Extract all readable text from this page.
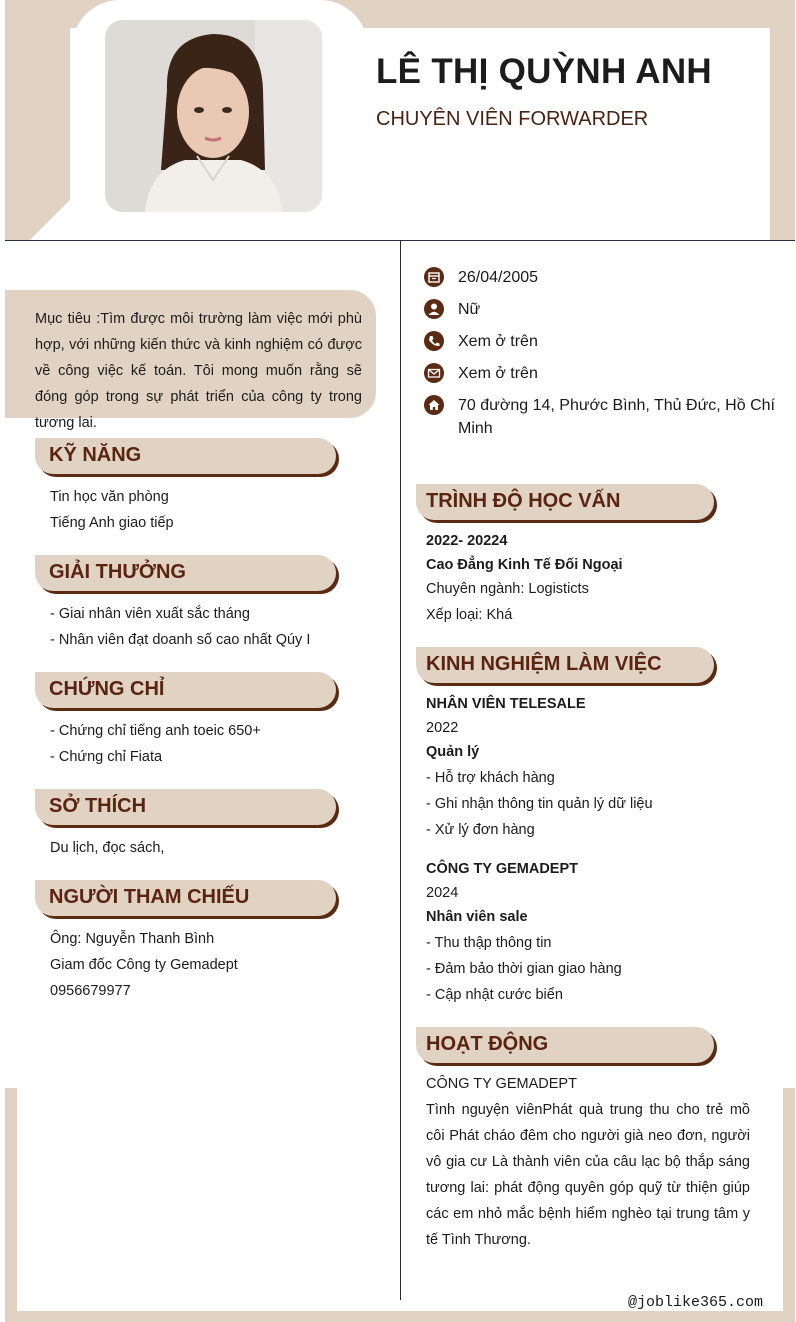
LÊ THỊ QUỲNH ANH
CHUYÊN VIÊN FORWARDER
26/04/2005
Nữ
Xem ở trên
Xem ở trên
70 đường 14, Phước Bình, Thủ Đức, Hồ Chí Minh
Mục tiêu :Tìm được môi trường làm việc mới phù hợp, với những kiến thức và kinh nghiệm có được về công việc kế toán. Tôi mong muốn rằng sẽ đóng góp trong sự phát triển của công ty trong tương lai.
KỸ NĂNG
Tin học văn phòng
Tiếng Anh giao tiếp
GIẢI THƯỞNG
- Giai nhân viên xuất sắc tháng
- Nhân viên đạt doanh số cao nhất Qúy I
CHỨNG CHỈ
- Chứng chỉ tiếng anh toeic 650+
- Chứng chỉ Fiata
SỞ THÍCH
Du lịch, đọc sách,
NGƯỜI THAM CHIẾU
Ông: Nguyễn Thanh Bình
Giam đốc Công ty Gemadept
0956679977
TRÌNH ĐỘ HỌC VẤN
2022- 20224
Cao Đẳng Kinh Tế Đối Ngoại
Chuyên ngành: Logisticts
Xếp loại: Khá
KINH NGHIỆM LÀM VIỆC
NHÂN VIÊN TELESALE
2022
Quản lý
- Hỗ trợ khách hàng
- Ghi nhận thông tin quản lý dữ liệu
- Xử lý đơn hàng
CÔNG TY GEMADEPT
2024
Nhân viên sale
- Thu thập thông tin
- Đảm bảo thời gian giao hàng
- Cập nhật cước biển
HOẠT ĐỘNG
CÔNG TY GEMADEPT
Tình nguyện viênPhát quà trung thu cho trẻ mồ côi Phát cháo đêm cho người già neo đơn, người vô gia cư Là thành viên của câu lạc bộ thắp sáng tương lai: phát động quyên góp quỹ từ thiện giúp các em nhỏ mắc bệnh hiểm nghèo tại trung tâm y tế Tình Thương.
@joblike365.com
